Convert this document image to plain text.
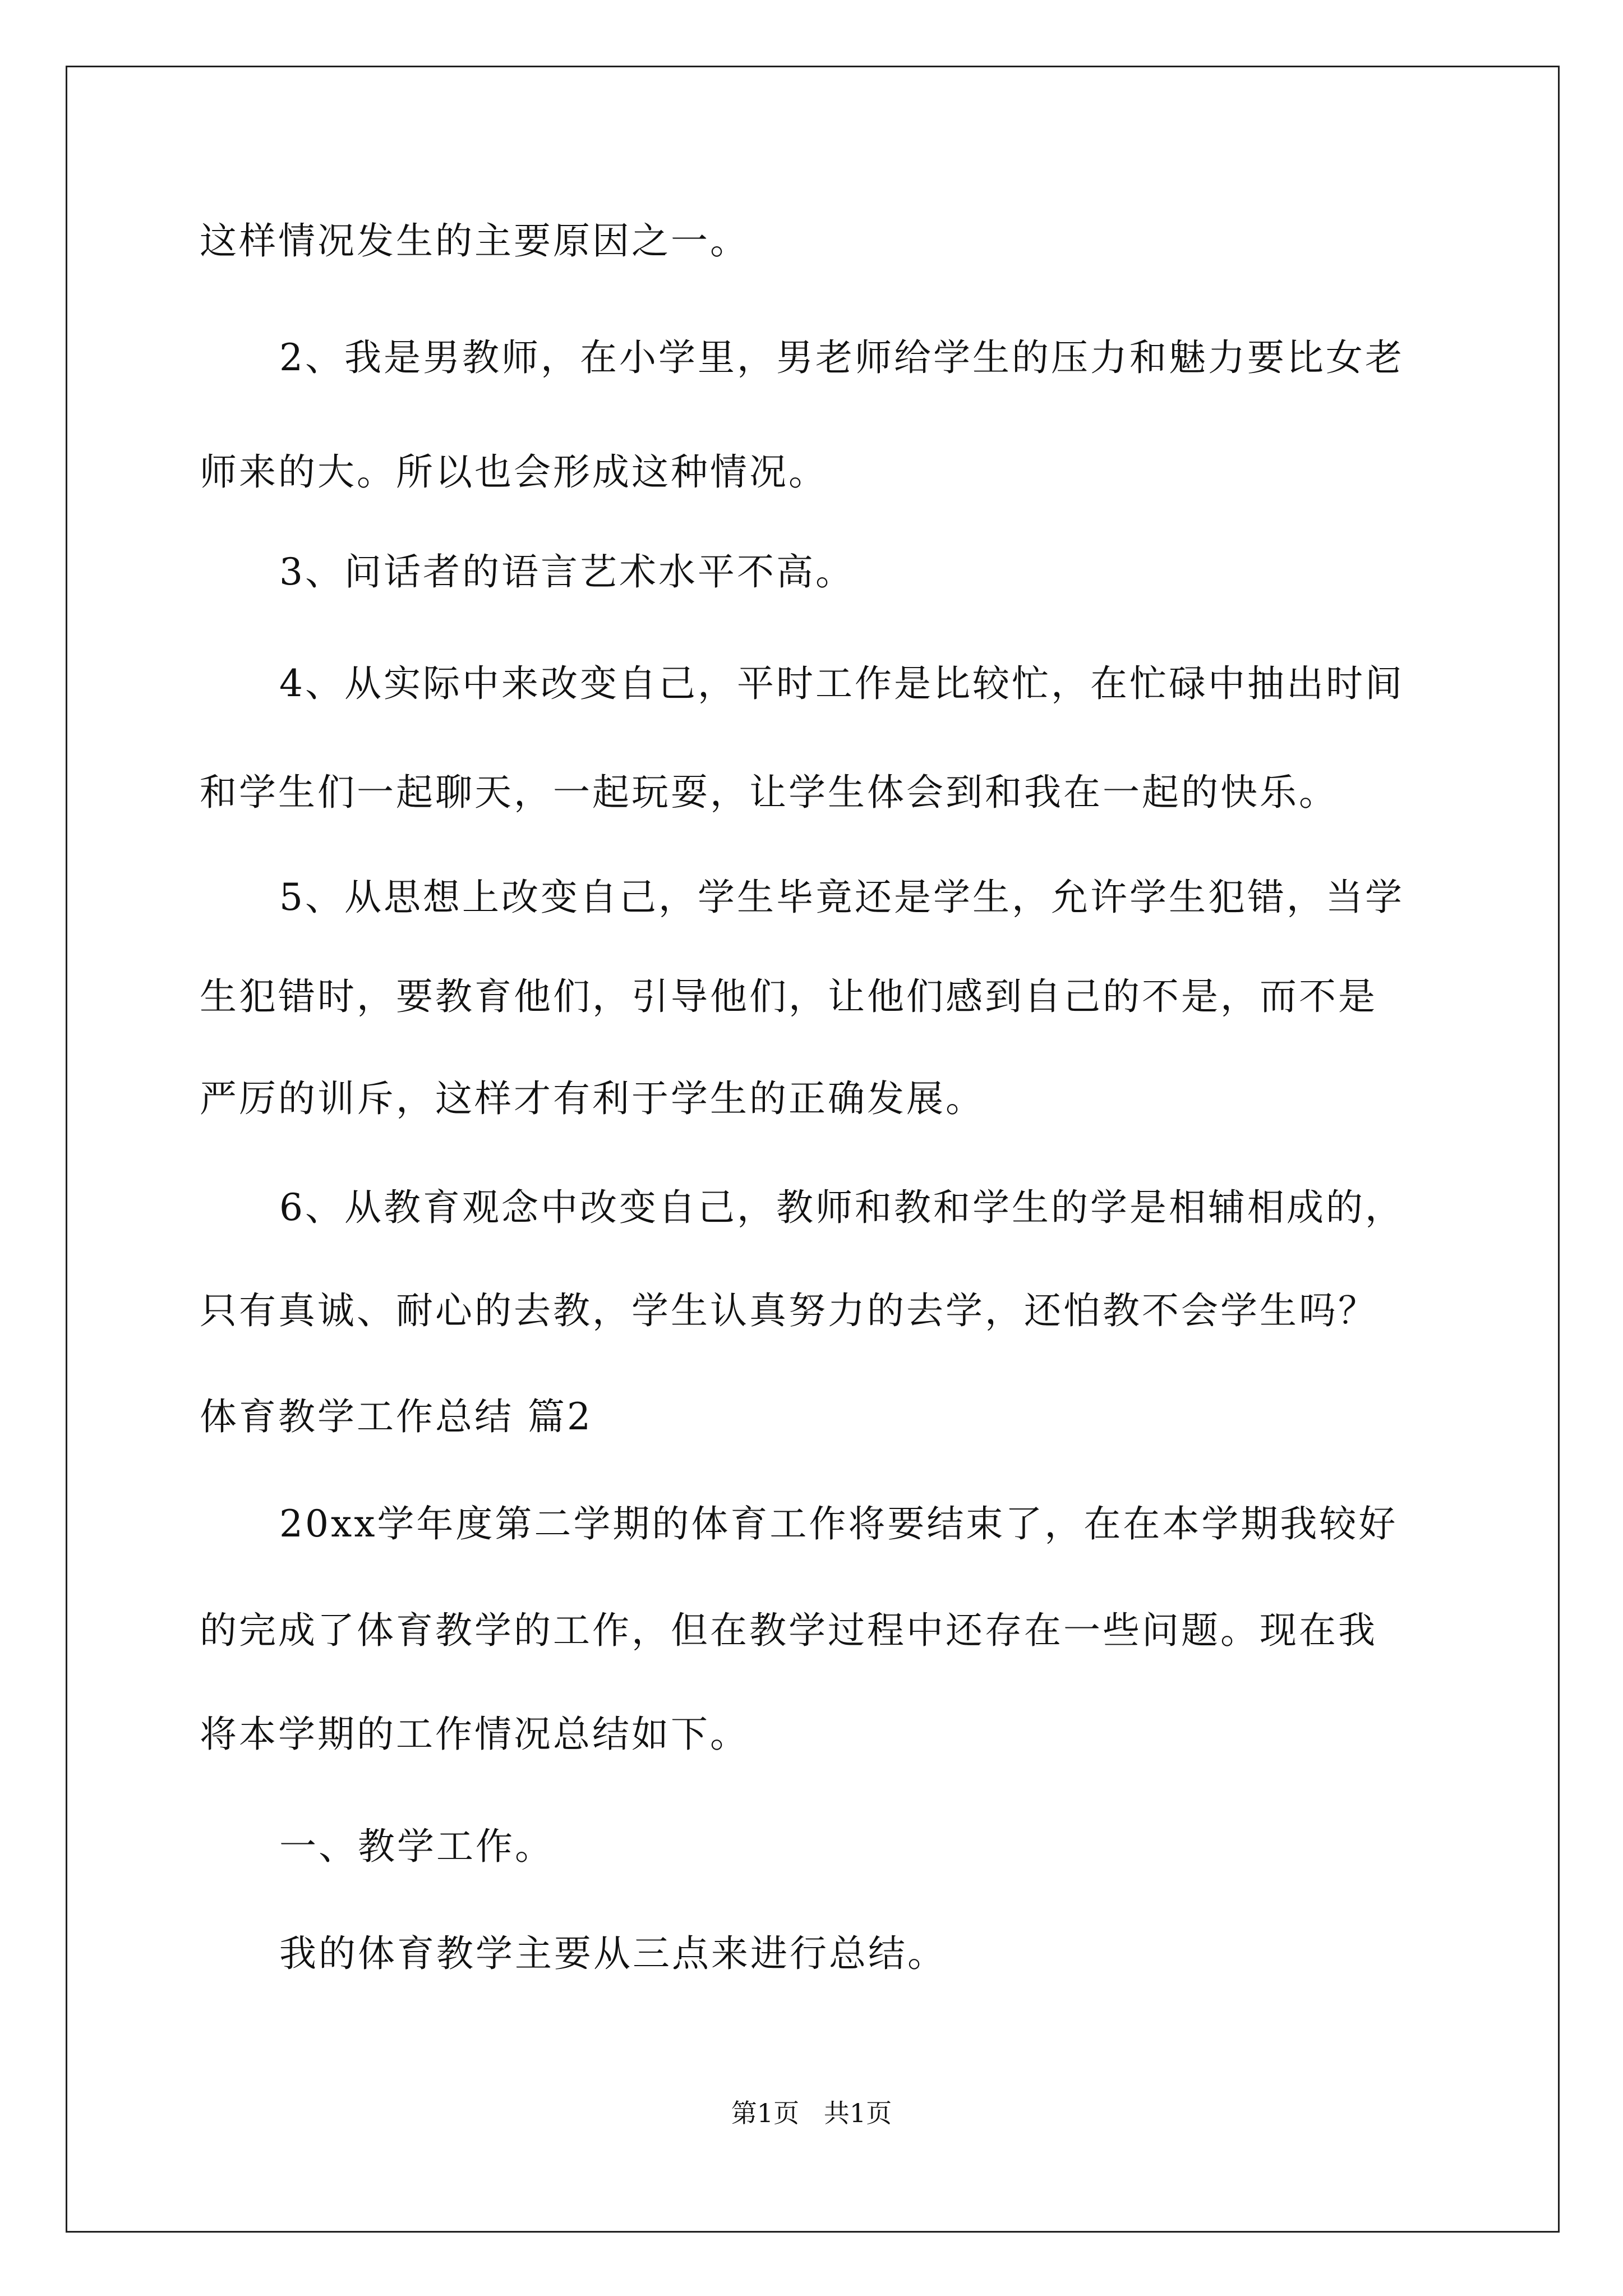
这样情况发生的主要原因之一。
2、我是男教师，在小学里，男老师给学生的压力和魅力要比女老
师来的大。所以也会形成这种情况。
3、问话者的语言艺术水平不高。
4、从实际中来改变自己，平时工作是比较忙，在忙碌中抽出时间
和学生们一起聊天，一起玩耍，让学生体会到和我在一起的快乐。
5、从思想上改变自己，学生毕竟还是学生，允许学生犯错，当学
生犯错时，要教育他们，引导他们，让他们感到自己的不是，而不是
严厉的训斥，这样才有利于学生的正确发展。
6、从教育观念中改变自己，教师和教和学生的学是相辅相成的，
只有真诚、耐心的去教，学生认真努力的去学，还怕教不会学生吗？
体育教学工作总结 篇2
20xx学年度第二学期的体育工作将要结束了，在在本学期我较好
的完成了体育教学的工作，但在教学过程中还存在一些问题。现在我
将本学期的工作情况总结如下。
一、教学工作。
我的体育教学主要从三点来进行总结。
第1页   共1页
